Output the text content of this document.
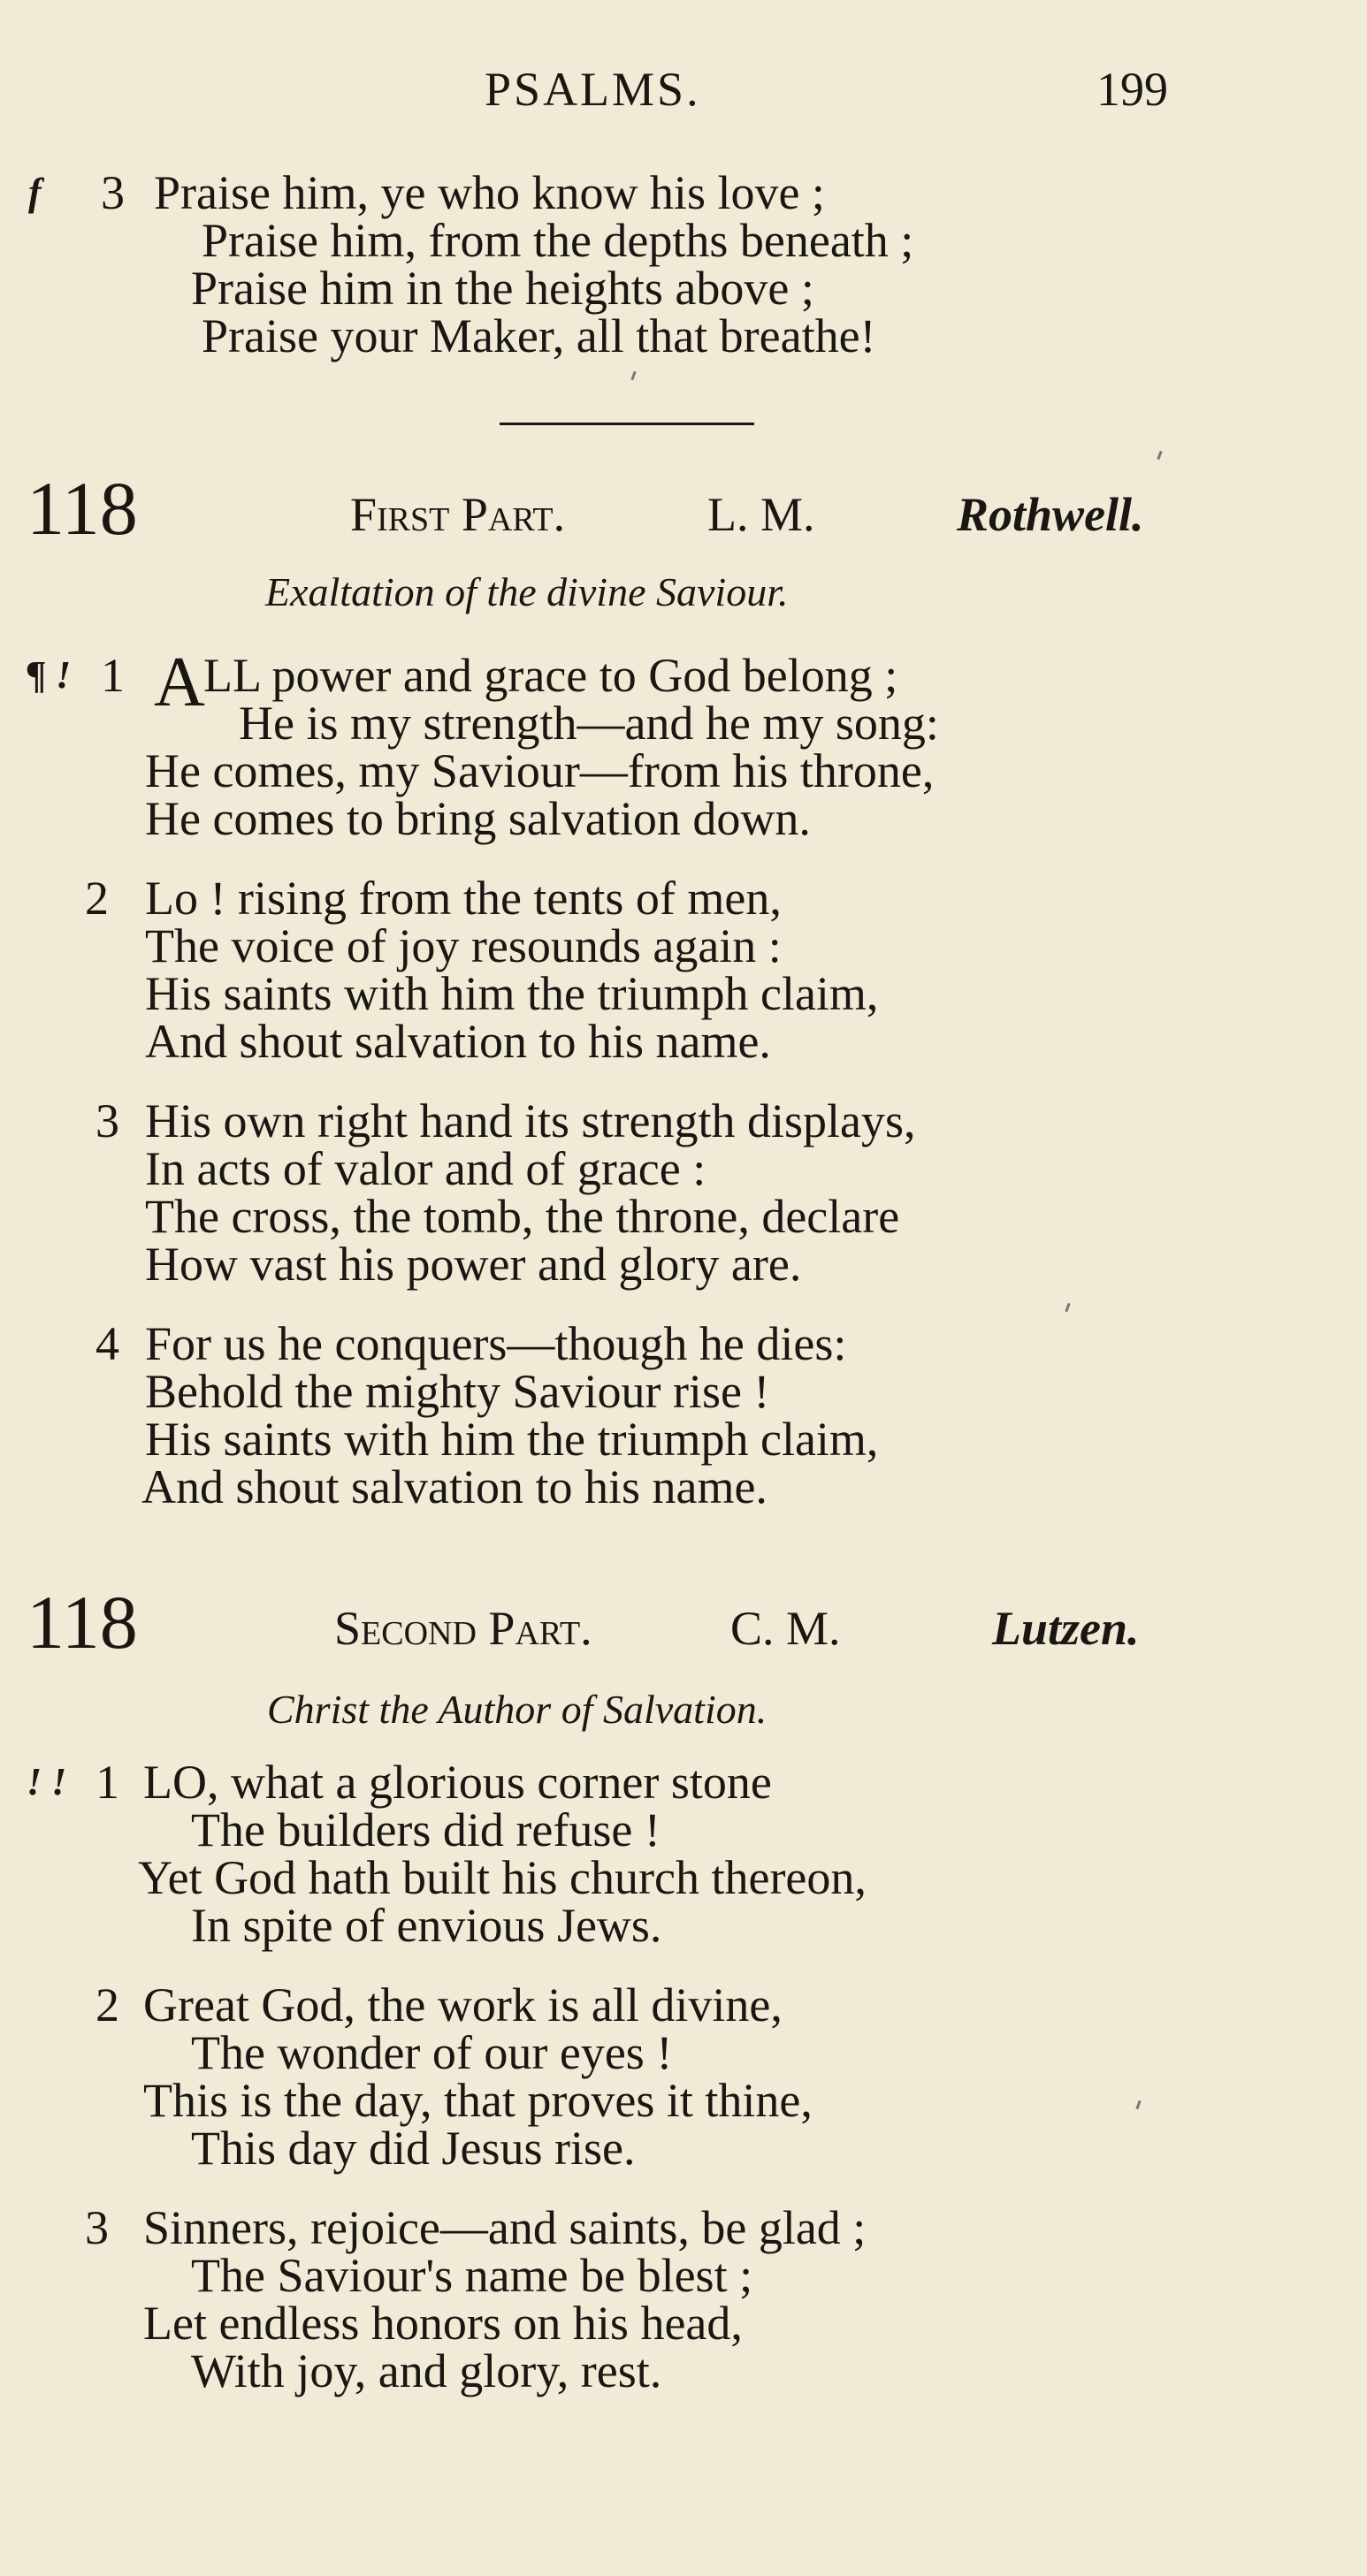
PSALMS.	199
f 3 Praise him, ye who know his love ;
Praise him, from the depths beneath ;
Praise him in the heights above ;
Praise your Maker, all that breathe!
118	First Part.	L. M.	Rothwell.
Exaltation of the divine Saviour.
¶ ! 1 A
LL power and grace to God belong ;
He is my strength—and he my song:
He comes, my Saviour—from his throne,
He comes to bring salvation down.
2 Lo ! rising from the tents of men,
The voice of joy resounds again :
His saints with him the triumph claim,
And shout salvation to his name.
3 His own right hand its strength displays,
In acts of valor and of grace :
The cross, the tomb, the throne, declare
How vast his power and glory are.
4 For us he conquers—though he dies:
Behold the mighty Saviour rise !
His saints with him the triumph claim,
And shout salvation to his name.
118	Second Part.	C. M.	Lutzen.
Christ the Author of Salvation.
! ! 1 LO, what a glorious corner stone
The builders did refuse !
Yet God hath built his church thereon,
In spite of envious Jews.
2 Great God, the work is all divine,
The wonder of our eyes !
This is the day, that proves it thine,
This day did Jesus rise.
3 Sinners, rejoice—and saints, be glad ;
The Saviour's name be blest ;
Let endless honors on his head,
With joy, and glory, rest.
